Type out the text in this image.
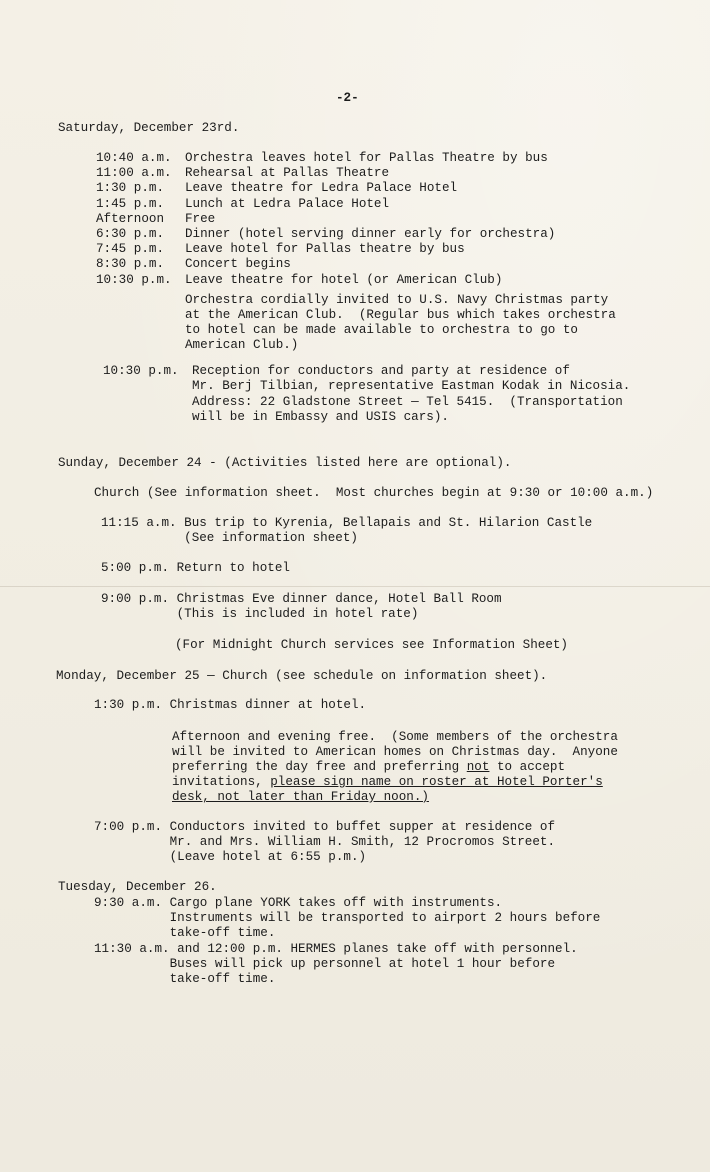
-2-
Saturday, December 23rd.
10:40 a.m. Orchestra leaves hotel for Pallas Theatre by bus
11:00 a.m. Rehearsal at Pallas Theatre
1:30 p.m. Leave theatre for Ledra Palace Hotel
1:45 p.m. Lunch at Ledra Palace Hotel
Afternoon Free
6:30 p.m. Dinner (hotel serving dinner early for orchestra)
7:45 p.m. Leave hotel for Pallas theatre by bus
8:30 p.m. Concert begins
10:30 p.m. Leave theatre for hotel (or American Club)
Orchestra cordially invited to U.S. Navy Christmas party
at the American Club.  (Regular bus which takes orchestra
to hotel can be made available to orchestra to go to
American Club.)
10:30 p.m. Reception for conductors and party at residence of
Mr. Berj Tilbian, representative Eastman Kodak in Nicosia.
Address: 22 Gladstone Street — Tel 5415.  (Transportation
will be in Embassy and USIS cars).
Sunday, December 24 - (Activities listed here are optional).
Church (See information sheet.  Most churches begin at 9:30 or 10:00 a.m.)
11:15 a.m. Bus trip to Kyrenia, Bellapais and St. Hilarion Castle
(See information sheet)
5:00 p.m. Return to hotel
9:00 p.m. Christmas Eve dinner dance, Hotel Ball Room
(This is included in hotel rate)
(For Midnight Church services see Information Sheet)
Monday, December 25 — Church (see schedule on information sheet).
1:30 p.m. Christmas dinner at hotel.
Afternoon and evening free.  (Some members of the orchestra
will be invited to American homes on Christmas day.  Anyone
preferring the day free and preferring not to accept
invitations, please sign name on roster at Hotel Porter's
desk, not later than Friday noon.)
7:00 p.m. Conductors invited to buffet supper at residence of
Mr. and Mrs. William H. Smith, 12 Procromos Street.
(Leave hotel at 6:55 p.m.)
Tuesday, December 26.
9:30 a.m. Cargo plane YORK takes off with instruments.
Instruments will be transported to airport 2 hours before
take-off time.
11:30 a.m. and 12:00 p.m. HERMES planes take off with personnel.
Buses will pick up personnel at hotel 1 hour before
take-off time.
